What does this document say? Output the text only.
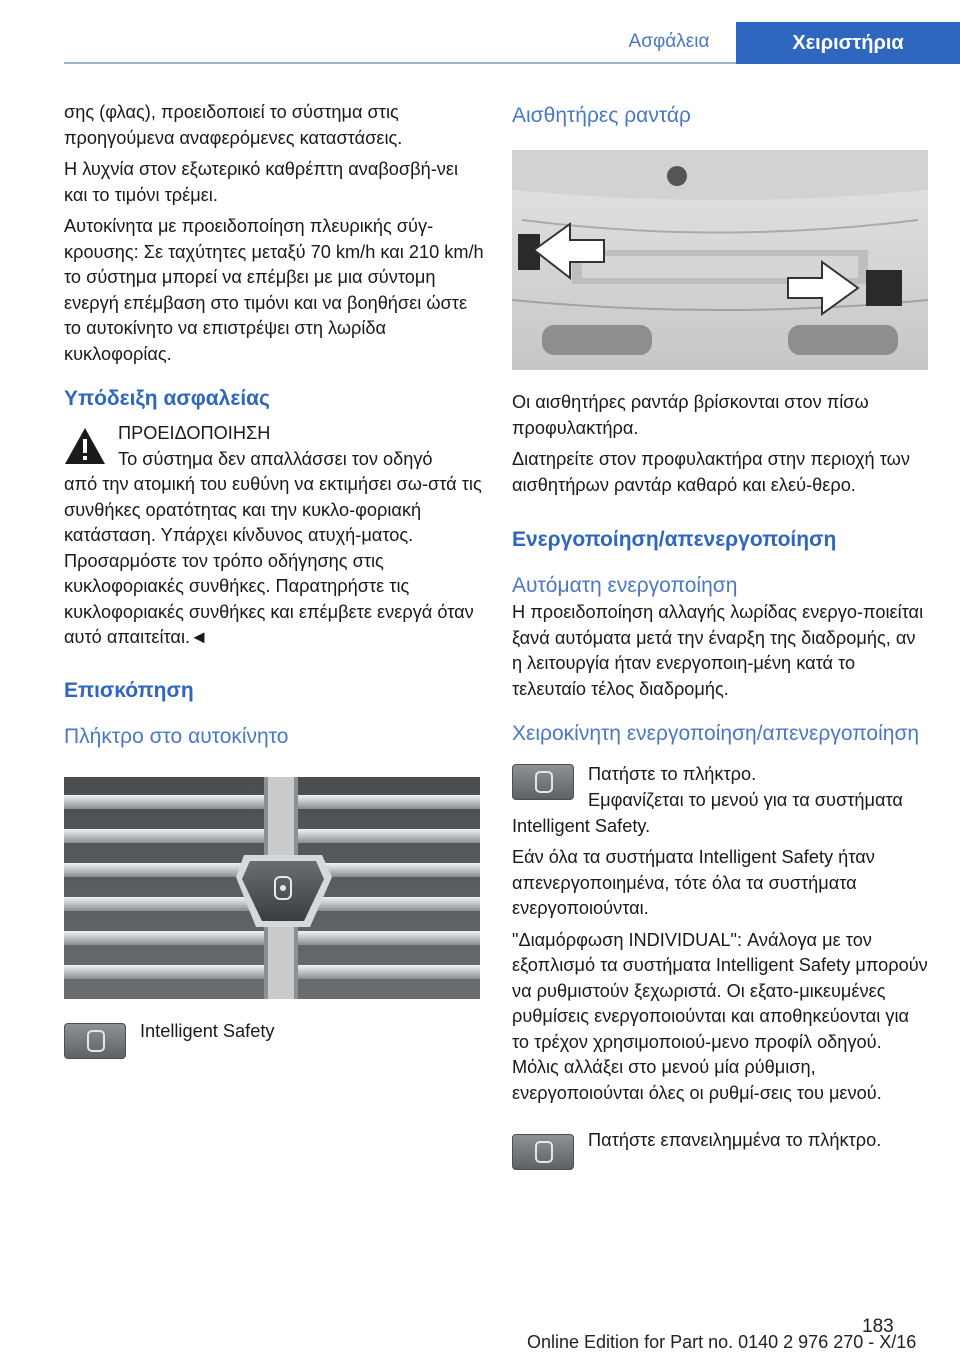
Ασφάλεια	Χειριστήρια

σης (φλας), προειδοποιεί το σύστημα στις προηγούμενα αναφερόμενες καταστάσεις.

Η λυχνία στον εξωτερικό καθρέπτη αναβοσβή‐νει και το τιμόνι τρέμει.

Αυτοκίνητα με προειδοποίηση πλευρικής σύγ‐κρουσης: Σε ταχύτητες μεταξύ 70 km/h και 210 km/h το σύστημα μπορεί να επέμβει με μια σύντομη ενεργή επέμβαση στο τιμόνι και να βοηθήσει ώστε το αυτοκίνητο να επιστρέψει στη λωρίδα κυκλοφορίας.

Υπόδειξη ασφαλείας
ΠΡΟΕΙΔΟΠΟΙΗΣΗ
Το σύστημα δεν απαλλάσσει τον οδηγό

από την ατομική του ευθύνη να εκτιμήσει σω‐στά τις συνθήκες ορατότητας και την κυκλο‐φοριακή κατάσταση. Υπάρχει κίνδυνος ατυχή‐ματος. Προσαρμόστε τον τρόπο οδήγησης στις κυκλοφοριακές συνθήκες. Παρατηρήστε τις κυκλοφοριακές συνθήκες και επέμβετε ενεργά όταν αυτό απαιτείται.◄

Επισκόπηση
Πλήκτρο στο αυτοκίνητο
Intelligent Safety
Αισθητήρες ραντάρ

Οι αισθητήρες ραντάρ βρίσκονται στον πίσω προφυλακτήρα.

Διατηρείτε στον προφυλακτήρα στην περιοχή των αισθητήρων ραντάρ καθαρό και ελεύ‐θερο.

Ενεργοποίηση/απενεργοποίηση
Αυτόματη ενεργοποίηση

Η προειδοποίηση αλλαγής λωρίδας ενεργο‐ποιείται ξανά αυτόματα μετά την έναρξη της διαδρομής, αν η λειτουργία ήταν ενεργοποιη‐μένη κατά το τελευταίο τέλος διαδρομής.

Χειροκίνητη ενεργοποίηση/απενεργοποίηση
Πατήστε το πλήκτρο.

Εμφανίζεται το μενού για τα συστήματα Intelligent Safety.

Εάν όλα τα συστήματα Intelligent Safety ήταν απενεργοποιημένα, τότε όλα τα συστήματα ενεργοποιούνται.

"Διαμόρφωση INDIVIDUAL": Ανάλογα με τον εξοπλισμό τα συστήματα Intelligent Safety μπορούν να ρυθμιστούν ξεχωριστά. Οι εξατο‐μικευμένες ρυθμίσεις ενεργοποιούνται και αποθηκεύονται για το τρέχον χρησιμοποιού‐μενο προφίλ οδηγού. Μόλις αλλάξει στο μενού μία ρύθμιση, ενεργοποιούνται όλες οι ρυθμί‐σεις του μενού.

Πατήστε επανειλημμένα το πλήκτρο.
183
Online Edition for Part no. 0140 2 976 270 - X/16
